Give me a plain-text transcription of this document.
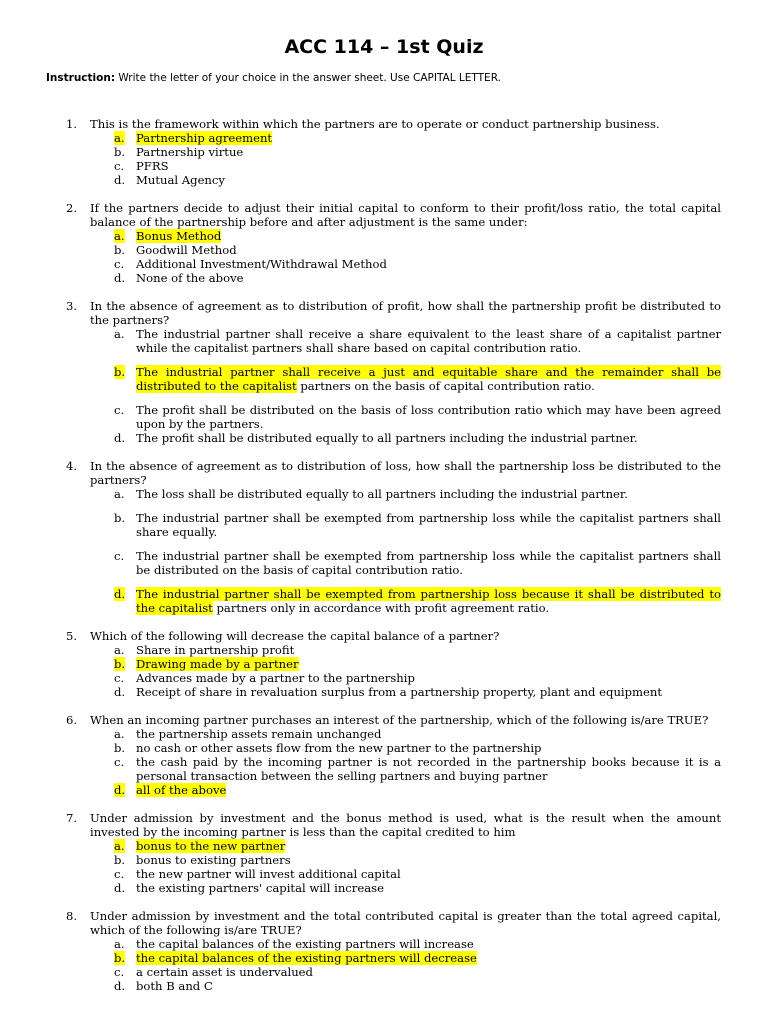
ACC 114 – 1st Quiz
Instruction: Write the letter of your choice in the answer sheet. Use CAPITAL LETTER.
1. This is the framework within which the partners are to operate or conduct partnership business.
a. Partnership agreement
b. Partnership virtue
c. PFRS
d. Mutual Agency
2. If the partners decide to adjust their initial capital to conform to their profit/loss ratio, the total capital balance of the partnership before and after adjustment is the same under:
a. Bonus Method
b. Goodwill Method
c. Additional Investment/Withdrawal Method
d. None of the above
3. In the absence of agreement as to distribution of profit, how shall the partnership profit be distributed to the partners?
a. The industrial partner shall receive a share equivalent to the least share of a capitalist partner while the capitalist partners shall share based on capital contribution ratio.
b. The industrial partner shall receive a just and equitable share and the remainder shall be distributed to the capitalist partners on the basis of capital contribution ratio.
c. The profit shall be distributed on the basis of loss contribution ratio which may have been agreed upon by the partners.
d. The profit shall be distributed equally to all partners including the industrial partner.
4. In the absence of agreement as to distribution of loss, how shall the partnership loss be distributed to the partners?
a. The loss shall be distributed equally to all partners including the industrial partner.
b. The industrial partner shall be exempted from partnership loss while the capitalist partners shall share equally.
c. The industrial partner shall be exempted from partnership loss while the capitalist partners shall be distributed on the basis of capital contribution ratio.
d. The industrial partner shall be exempted from partnership loss because it shall be distributed to the capitalist partners only in accordance with profit agreement ratio.
5. Which of the following will decrease the capital balance of a partner?
a. Share in partnership profit
b. Drawing made by a partner
c. Advances made by a partner to the partnership
d. Receipt of share in revaluation surplus from a partnership property, plant and equipment
6. When an incoming partner purchases an interest of the partnership, which of the following is/are TRUE?
a. the partnership assets remain unchanged
b. no cash or other assets flow from the new partner to the partnership
c. the cash paid by the incoming partner is not recorded in the partnership books because it is a personal transaction between the selling partners and buying partner
d. all of the above
7. Under admission by investment and the bonus method is used, what is the result when the amount invested by the incoming partner is less than the capital credited to him
a. bonus to the new partner
b. bonus to existing partners
c. the new partner will invest additional capital
d. the existing partners' capital will increase
8. Under admission by investment and the total contributed capital is greater than the total agreed capital, which of the following is/are TRUE?
a. the capital balances of the existing partners will increase
b. the capital balances of the existing partners will decrease
c. a certain asset is undervalued
d. both B and C
